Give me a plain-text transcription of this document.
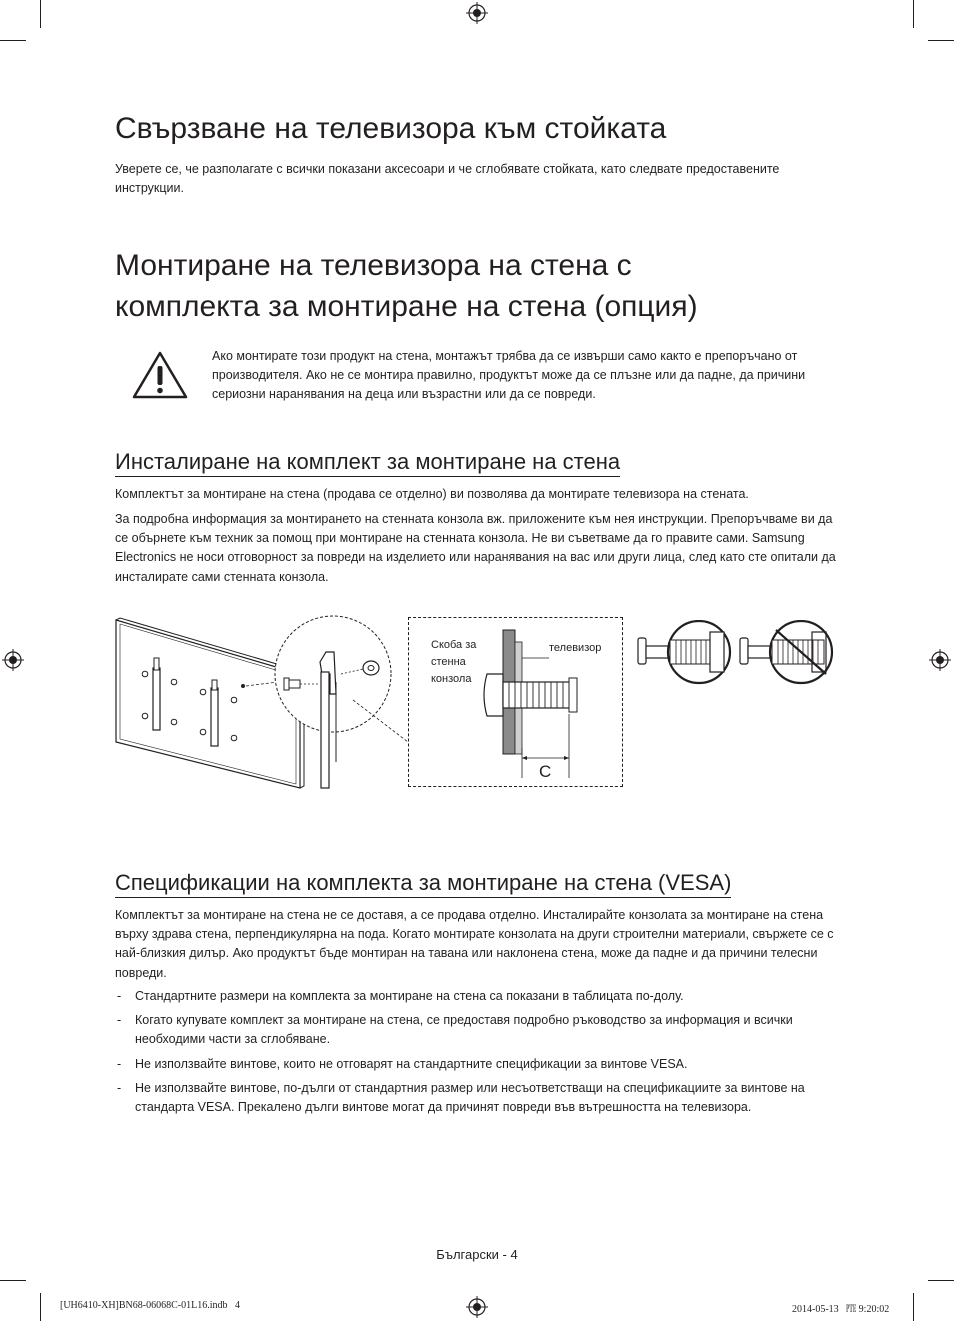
Свързване на телевизора към стойката

Уверете се, че разполагате с всички показани аксесоари и че сглобявате стойката, като следвате предоставените инструкции.

Монтиране на телевизора на стена с
комплекта за монтиране на стена (опция)

Ако монтирате този продукт на стена, монтажът трябва да се извърши само както е препоръчано от производителя. Ако не се монтира правилно, продуктът може да се плъзне или да падне, да причини сериозни наранявания на деца или възрастни или да се повреди.

Инсталиране на комплект за монтиране на стена

Комплектът за монтиране на стена (продава се отделно) ви позволява да монтирате телевизора на стената.

За подробна информация за монтирането на стенната конзола вж. приложените към нея инструкции. Препоръчваме ви да се обърнете към техник за помощ при монтиране на стенната конзола. Не ви съветваме да го правите сами. Samsung Electronics не носи отговорност за повреди на изделието или наранявания на вас или други лица, след като сте опитали да инсталирате сами стенната конзола.

Скоба за
стенна
конзола
телевизор
C
Спецификации на комплекта за монтиране на стена (VESA)

Комплектът за монтиране на стена не се доставя, а се продава отделно. Инсталирайте конзолата за монтиране на стена върху здрава стена, перпендикулярна на пода. Когато монтирате конзолата на други строителни материали, свържете се с най-близкия дилър. Ако продуктът бъде монтиран на тавана или наклонена стена, може да падне и да причини телесни повреди.

- Стандартните размери на комплекта за монтиране на стена са показани в таблицата по-долу.
- Когато купувате комплект за монтиране на стена, се предоставя подробно ръководство за информация и всички необходими части за сглобяване.
- Не използвайте винтове, които не отговарят на стандартните спецификации за винтове VESA.
- Не използвайте винтове, по-дълги от стандартния размер или несъответстващи на спецификациите за винтове на стандарта VESA. Прекалено дълги винтове могат да причинят повреди във вътрешността на телевизора.
Български - 4
[UH6410-XH]BN68-06068C-01L16.indb   4	2014-05-13   ㉐ 9:20:02
